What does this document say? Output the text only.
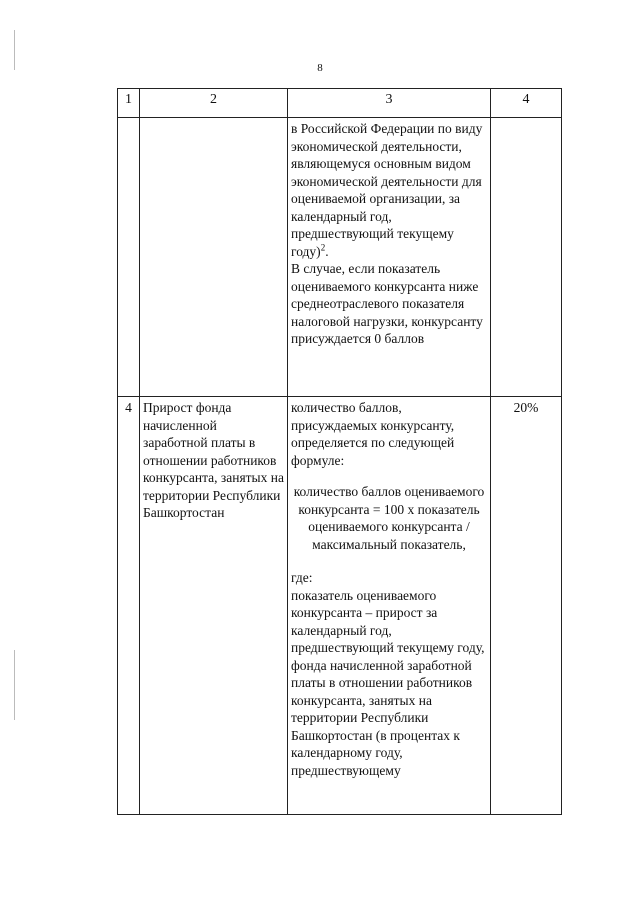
8
1	2	3	4

		в Российской Федерации по виду экономической деятельности, являющемуся основным видом экономической деятельности для оцениваемой организации, за календарный год, предшествующий текущему году)$^2$.

В случае, если показатель оцениваемого конкурсанта ниже среднеотраслевого показателя налоговой нагрузки, конкурсанту присуждается 0 баллов	

4	Прирост фонда начисленной заработной платы в отношении работников конкурсанта, занятых на территории Республики Башкортостан	количество баллов, присуждаемых конкурсанту, определяется по следующей формуле:

количество баллов оцениваемого конкурсанта = 100 x показатель оцениваемого конкурсанта / максимальный показатель,

где:

показатель оцениваемого конкурсанта – прирост за календарный год, предшествующий текущему году, фонда начисленной заработной платы в отношении работников конкурсанта, занятых на территории Республики Башкортостан (в процентах к календарному году, предшествующему	20%
